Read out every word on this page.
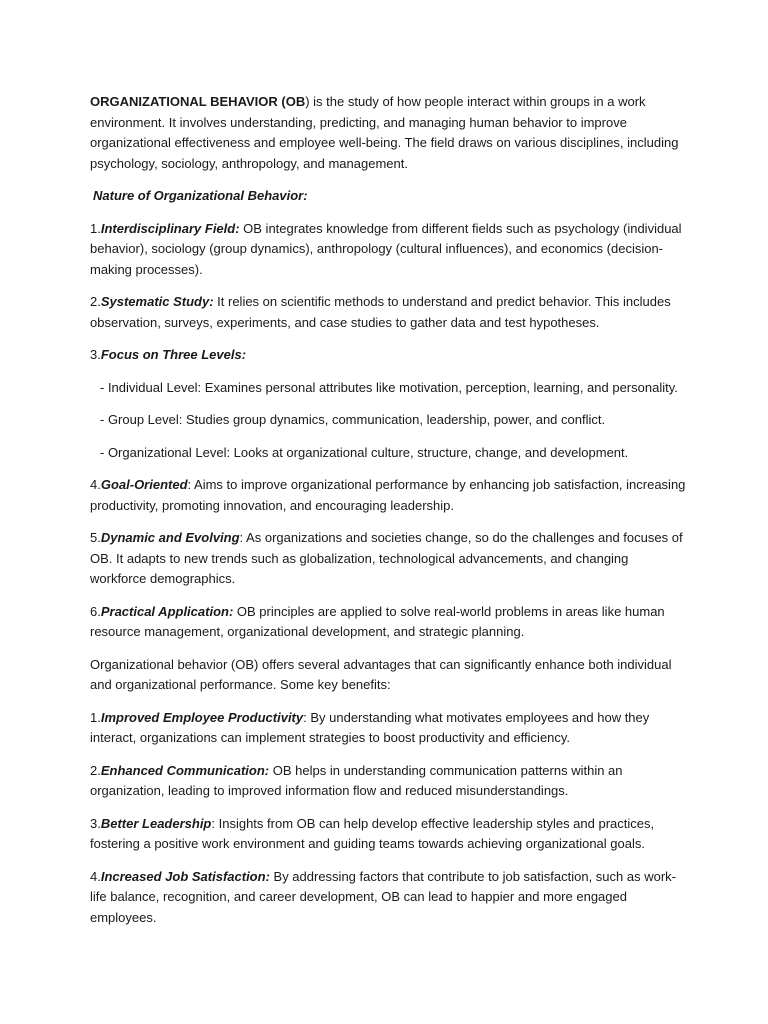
ORGANIZATIONAL BEHAVIOR (OB) is the study of how people interact within groups in a work environment. It involves understanding, predicting, and managing human behavior to improve organizational effectiveness and employee well-being. The field draws on various disciplines, including psychology, sociology, anthropology, and management.

Nature of Organizational Behavior:

1.Interdisciplinary Field: OB integrates knowledge from different fields such as psychology (individual behavior), sociology (group dynamics), anthropology (cultural influences), and economics (decision-making processes).

2.Systematic Study: It relies on scientific methods to understand and predict behavior. This includes observation, surveys, experiments, and case studies to gather data and test hypotheses.

3.Focus on Three Levels:

- Individual Level: Examines personal attributes like motivation, perception, learning, and personality.

- Group Level: Studies group dynamics, communication, leadership, power, and conflict.

- Organizational Level: Looks at organizational culture, structure, change, and development.

4.Goal-Oriented: Aims to improve organizational performance by enhancing job satisfaction, increasing productivity, promoting innovation, and encouraging leadership.

5.Dynamic and Evolving: As organizations and societies change, so do the challenges and focuses of OB. It adapts to new trends such as globalization, technological advancements, and changing workforce demographics.

6.Practical Application: OB principles are applied to solve real-world problems in areas like human resource management, organizational development, and strategic planning.

Organizational behavior (OB) offers several advantages that can significantly enhance both individual and organizational performance. Some key benefits:

1.Improved Employee Productivity: By understanding what motivates employees and how they interact, organizations can implement strategies to boost productivity and efficiency.

2.Enhanced Communication: OB helps in understanding communication patterns within an organization, leading to improved information flow and reduced misunderstandings.

3.Better Leadership: Insights from OB can help develop effective leadership styles and practices, fostering a positive work environment and guiding teams towards achieving organizational goals.

4.Increased Job Satisfaction: By addressing factors that contribute to job satisfaction, such as work-life balance, recognition, and career development, OB can lead to happier and more engaged employees.
